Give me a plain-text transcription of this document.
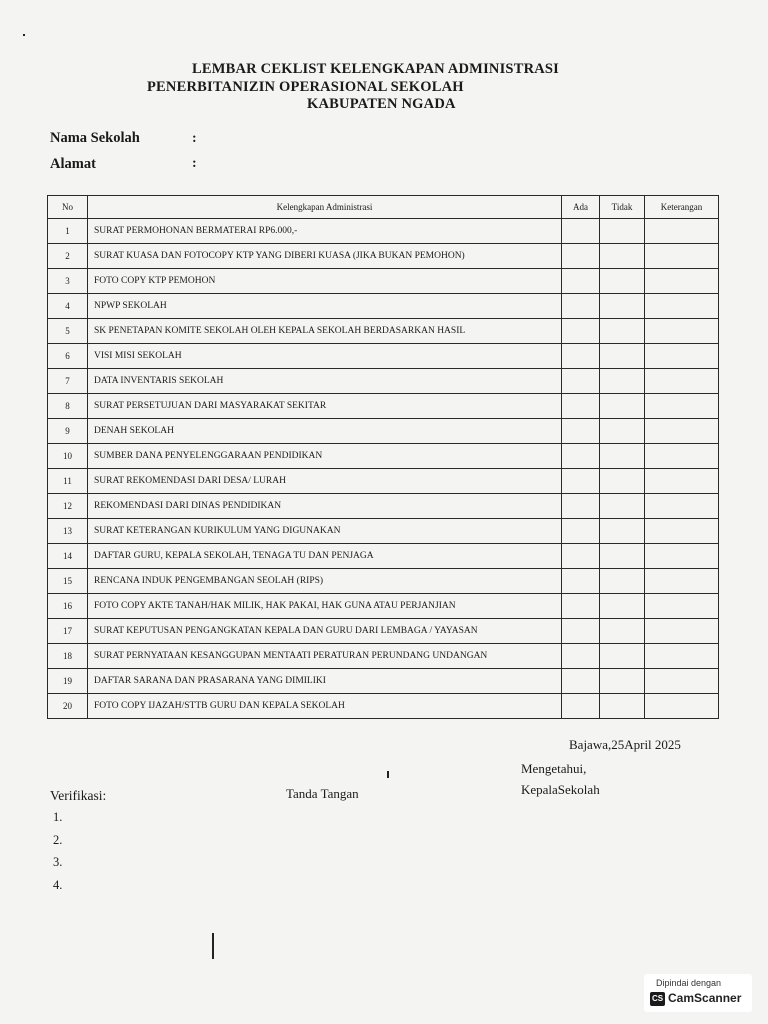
LEMBAR CEKLIST KELENGKAPAN ADMINISTRASI
PENERBITANIZIN OPERASIONAL SEKOLAH
KABUPATEN NGADA
Nama Sekolah	:
Alamat	:
No	Kelengkapan Administrasi	Ada	Tidak	Keterangan
1	SURAT PERMOHONAN BERMATERAI RP6.000,-			
2	SURAT KUASA DAN FOTOCOPY KTP YANG DIBERI KUASA (JIKA BUKAN PEMOHON)			
3	FOTO COPY KTP PEMOHON			
4	NPWP SEKOLAH			
5	SK PENETAPAN KOMITE SEKOLAH OLEH KEPALA SEKOLAH BERDASARKAN HASIL			
6	VISI MISI SEKOLAH			
7	DATA INVENTARIS SEKOLAH			
8	SURAT PERSETUJUAN DARI MASYARAKAT SEKITAR			
9	DENAH SEKOLAH			
10	SUMBER DANA PENYELENGGARAAN PENDIDIKAN			
11	SURAT REKOMENDASI DARI DESA/ LURAH			
12	REKOMENDASI DARI DINAS PENDIDIKAN			
13	SURAT KETERANGAN KURIKULUM YANG DIGUNAKAN			
14	DAFTAR GURU, KEPALA SEKOLAH, TENAGA TU DAN PENJAGA			
15	RENCANA INDUK PENGEMBANGAN SEOLAH (RIPS)			
16	FOTO COPY AKTE TANAH/HAK MILIK, HAK PAKAI, HAK GUNA ATAU PERJANJIAN			
17	SURAT KEPUTUSAN PENGANGKATAN KEPALA DAN GURU DARI LEMBAGA / YAYASAN			
18	SURAT PERNYATAAN KESANGGUPAN MENTAATI PERATURAN PERUNDANG UNDANGAN			
19	DAFTAR SARANA DAN PRASARANA YANG DIMILIKI			
20	FOTO COPY IJAZAH/STTB GURU DAN KEPALA SEKOLAH			
Bajawa,25April 2025
Mengetahui,
KepalaSekolah
Verifikasi:	Tanda Tangan
1.
2.
3.
4.
Dipindai dengan
CS CamScanner
